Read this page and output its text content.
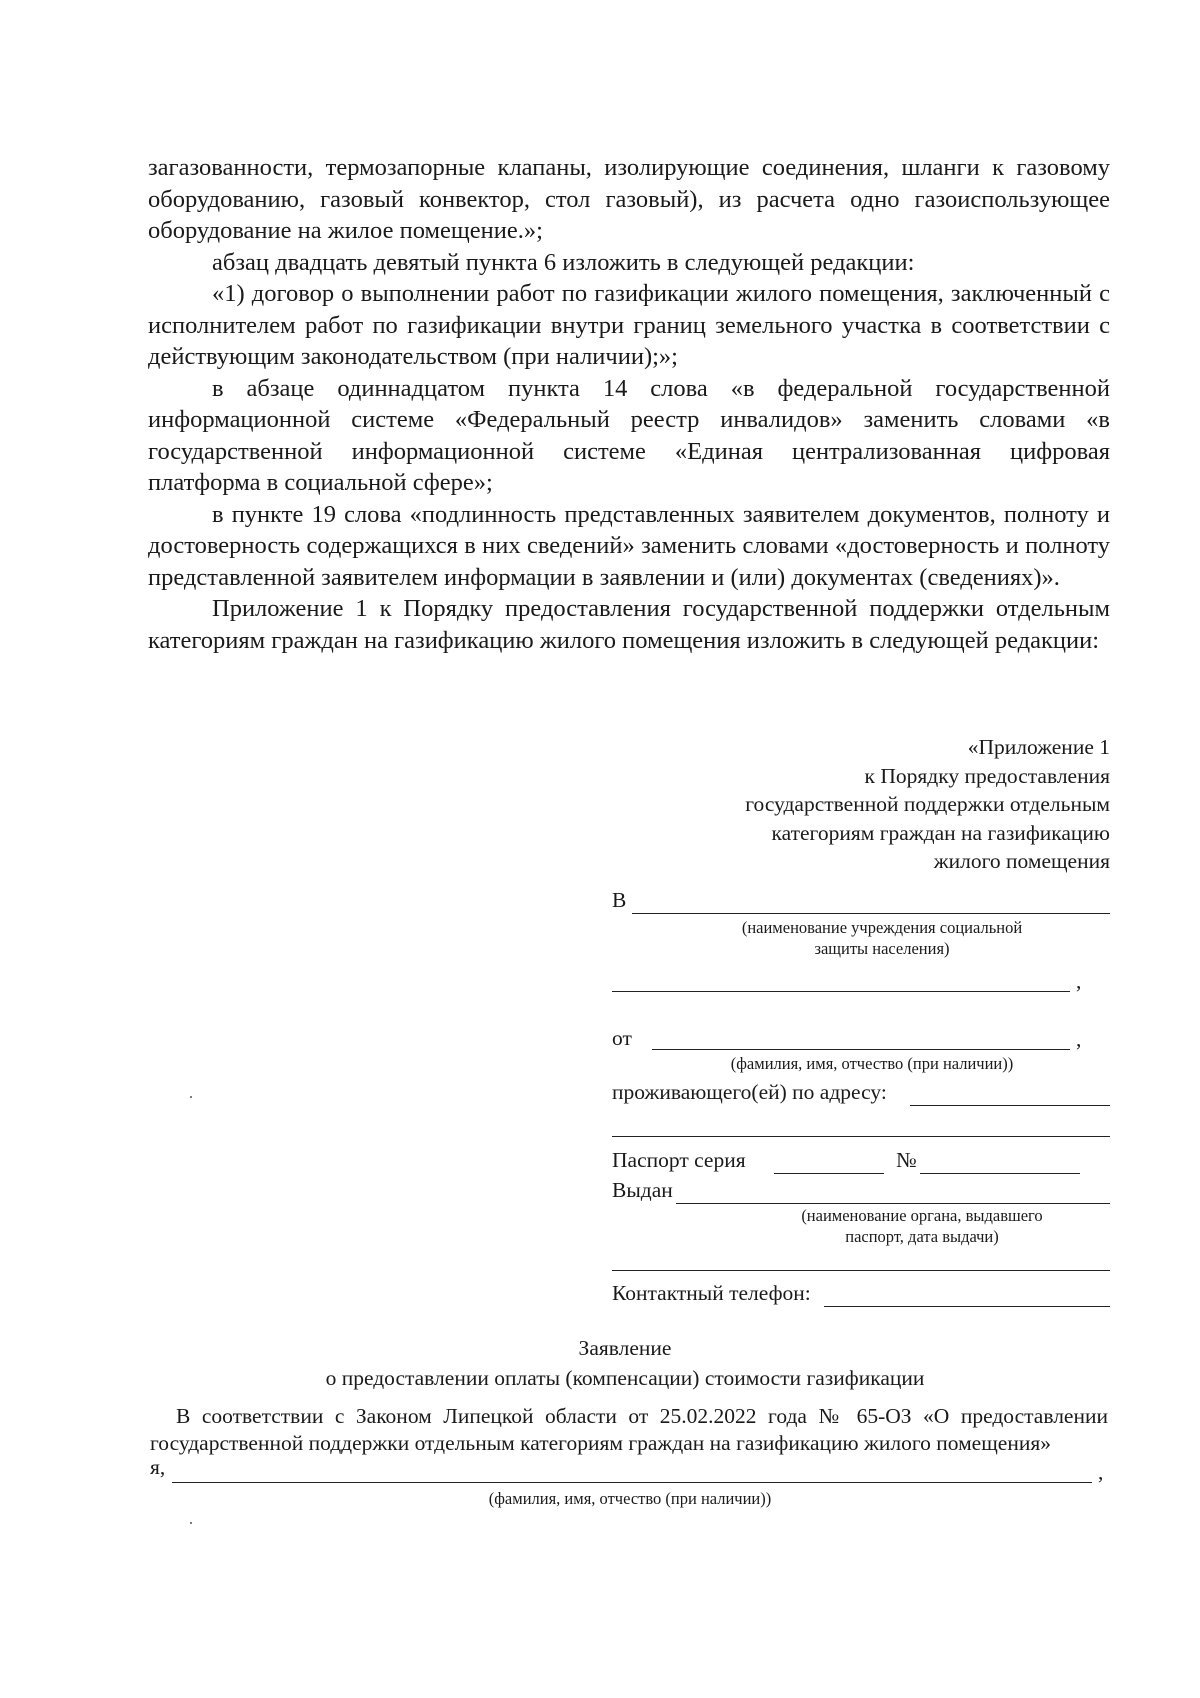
загазованности, термозапорные клапаны, изолирующие соединения, шланги к газовому оборудованию, газовый конвектор, стол газовый), из расчета одно газоиспользующее оборудование на жилое помещение.»;

абзац двадцать девятый пункта 6 изложить в следующей редакции:

«1) договор о выполнении работ по газификации жилого помещения, заключенный с исполнителем работ по газификации внутри границ земельного участка в соответствии с действующим законодательством (при наличии);»;

в абзаце одиннадцатом пункта 14 слова «в федеральной государственной информационной системе «Федеральный реестр инвалидов» заменить словами «в государственной информационной системе «Единая централизованная цифровая платформа в социальной сфере»;

в пункте 19 слова «подлинность представленных заявителем документов, полноту и достоверность содержащихся в них сведений» заменить словами «достоверность и полноту представленной заявителем информации в заявлении и (или) документах (сведениях)».

Приложение 1 к Порядку предоставления государственной поддержки отдельным категориям граждан на газификацию жилого помещения изложить в следующей редакции:

«Приложение 1
к Порядку предоставления
государственной поддержки отдельным
категориям граждан на газификацию
жилого помещения
В
(наименование учреждения социальной
защиты населения)
,
от	,
(фамилия, имя, отчество (при наличии))
проживающего(ей) по адресу:
Паспорт серия	№
Выдан
(наименование органа, выдавшего
паспорт, дата выдачи)
Контактный телефон:
Заявление
о предоставлении оплаты (компенсации) стоимости газификации
В соответствии с Законом Липецкой области от 25.02.2022 года № 65-ОЗ «О предоставлении государственной поддержки отдельным категориям граждан на газификацию жилого помещения»
я,	,
(фамилия, имя, отчество (при наличии))
